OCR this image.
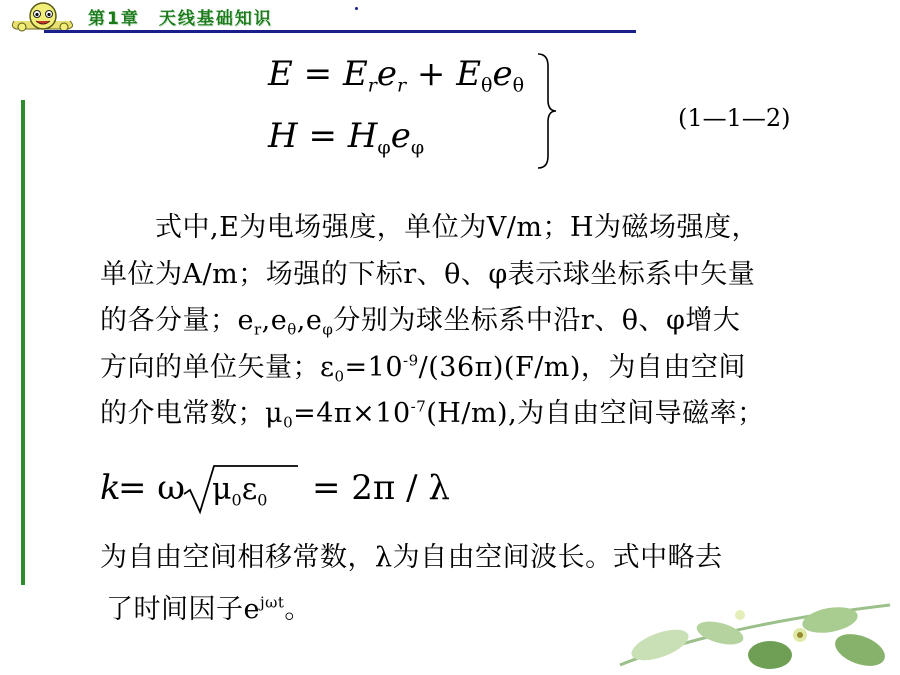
第1章　天线基础知识
$E = E_re_r + E_\theta e_\theta$
$H = H_\varphi e_\varphi$
(1—1—2)
式中,E为电场强度，单位为V/m；H为磁场强度，
单位为A/m；场强的下标r、θ、φ表示球坐标系中矢量
的各分量；$e_r,e_\theta,e_\varphi$分别为球坐标系中沿r、θ、φ增大
方向的单位矢量；$\varepsilon_0=10^{-9}/(36\pi)(F/m)$，为自由空间
的介电常数；$\mu_0=4\pi\times 10^{-7}(H/m)$,为自由空间导磁率；
k
= ω $\mu_0\varepsilon_0 = 2\pi / \lambda$
为自由空间相移常数，λ为自由空间波长。式中略去
了时间因子$e^{j\omega t}$。
